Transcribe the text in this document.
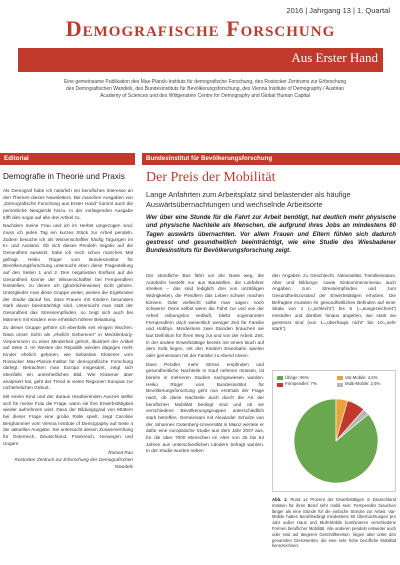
2016 | Jahrgang 13 | 1. Quartal
Demografische Forschung
Aus Erster Hand
Eine gemeinsame Publikation des Max-Planck-Instituts für demografische Forschung, des Rostocker Zentrums zur Erforschung des Demografischen Wandels, des Bundesinstituts für Bevölkerungsforschung, des Vienna Institute of Demography / Austrian Academy of Sciences und des Wittgenstein Centre for Demography and Global Human Capital
Editorial	Bundesinstitut für Bevölkerungsforschung
Demografie in Theorie und Praxis

Als Demograf habe ich natürlich ein berufliches Interesse an den Themen dieses Newsletters. Bei manchen Ausgaben von „Demografische Forschung aus Erster Hand“ kommt auch die persönliche Neugierde hinzu. In der vorliegenden Ausgabe trifft dies sogar auf alle drei Artikel zu.

Nachdem meine Frau und ich im Herbst umgezogen sind, muss ich jeden Tag ein kurzes Stück zur Arbeit pendeln. Zudem besuche ich als Wissenschaftler häufig Tagungen im In- und Ausland. Ob sich dieses Pendeln negativ auf die Gesundheit auswirkt, habe ich mich schon manches Mal gefragt. Heiko Rüger vom Bundesinstitut für Bevölkerungsforschung untersucht eben diese Fragestellung auf den Seiten 1 und 2. Den negativsten Einfluss auf die Gesundheit konnte der Wissenschaftler bei Fernpendlern feststellen, zu denen ich (glücklicherweise) nicht gehöre. Unterglieder man diese Gruppe weiter, weisen die Ergebnisse der Studie darauf hin, dass Frauen mit Kindern besonders stark davon beeinträchtigt sind. Untersucht man statt der Gesundheit das Stressempfinden, so zeigt sich auch bei Männern mit Kindern eine erheblich höhere Belastung.

Zu dieser Gruppe gehöre ich ebenfalls seit einigen Wochen. Dass unser Sohn als „ehelich Geborener“ in Mecklenburg-Vorpommern zu einer Minderheit gehört, illustriert der Artikel auf Seite 3. Im Westen der Republik werden dagegen mehr Kinder ehelich geboren, wie Sebastian Klüsener vom Rostocker Max-Planck-Institut für demografische Forschung darlegt. Betrachten man Europa insgesamt, zeigt sich ebenfalls ein uneinheitliches Bild. Wie Klüsener aber analysiert hat, geht der Trend in vielen Regionen Europas zur nichtehelichen Geburt.

Mit einem Kind und der daraus resultierenden Auszeit stellte sich für meine Frau die Frage, wann sie ihre Erwerbstätigkeit wieder aufnehmen wird. Dass der Bildungsgrad von Müttern bei dieser Frage eine große Rolle spielt, zeigt Caroline Berghammer vom Vienna Institute of Demography auf Seite 4 der aktuellen Ausgabe. Sie untersucht diesen Zusammenhang für Österreich, Deutschland, Frankreich, Norwegen und Ungarn.

Roland Rau
Rostocker Zentrum zur Erforschung des Demografischen Wandels
Der Preis der Mobilität
Lange Anfahrten zum Arbeitsplatz sind belastender als häufige Auswärtsübernachtungen und wechselnde Arbeitsorte
Wer über eine Stunde für die Fahrt zur Arbeit benötigt, hat deutlich mehr physische und physische Nachteile als Menschen, die aufgrund ihres Jobs an mindestens 60 Tagen auswärts übernachten. Vor allem Frauen und Eltern fühlen sich dadurch gestresst und gesundheitlich beeinträchtigt, wie eine Studie des Wiesbadener Bundesinstituts für Bevölkerungsforschung zeigt.

Der stündliche Bus fährt vor der Nase weg, die Autobahn besteht nur aus Baustellen, die Lokführer streiken – das sind lediglich drei von unzähligen Widrigkeiten, die Pendlern das Leben schwer machen können. Oder vielleicht sollte man sagen: noch schwerer. Denn selbst wenn die Fahrt zur und von der Arbeit reibungslos verläuft, bleibt sogenannten Fernpendlern doch wesentlich weniger Zeit für Familie und Hobbys. Mindestens zwei Stunden brauchen sie laut Definition für ihren Weg zur und von der Arbeit. Zeit, in der andere Erwerbstätige bereits mit einem Buch auf dem Sofa liegen, mit den Kindern Eisenbahn spielen oder gemeinsam mit der Familie zu Abend essen.

Dass Pendler mehr Stress empfinden und gesundheitliche Nachteile in Kauf nehmen müssen, ist bereits in mehreren Studien nachgewiesen worden. Heiko Rüger vom Bundesinstitut für Bevölkerungsforschung geht nun erstmals der Frage nach, ob diese Nachteile auch durch die Art der beruflichen Mobilität bedingt sind und ob sie verschiedene Bevölkerungsgruppen unterschiedlich stark betreffen. Gemeinsam mit Alexander Schulze von der Johannes Gutenberg-Universität in Mainz wertete er dafür eine europäische Studie aus dem Jahr 2007 aus, für die über 7000 Menschen im Alter von 25 bis 54 Jahren aus unterschiedlichen Ländern befragt wurden. In der Studie wurden neben

den Angaben zu Geschlecht, Nationalität, Familienstatus, Alter und Bildungs- sowie Einkommensniveau auch Angaben zum Stressempfinden und zum Gesundheitszustand der Erwerbstätigen erhoben. Die Befragten mussten ihr gesundheitliches Befinden auf einer Skala von 1 (=„schlecht“) bis 5 (=„ausgezeichnet“) einstufen und darüber hinaus angeben, wie stark sie gestresst sind (von 1=„überhaupt nicht“ bis 10=„sehr stark“).
Übrige: 86%	Var-Mobile: 4,5%
Fernpendler: 7%	Multi-Mobile: 2,5%
Abb. 1: Rund 14 Prozent der Erwerbstätigen in Deutschland müssen für ihren Beruf sehr mobil sein: Fernpendler brauchen länger als eine Stunde für die einfache Strecke zur Arbeit. Var-Mobile haben berufsbedingt mindestens 60 Übernachtungen pro Jahr außer Haus und Multi-Mobile kombinieren verschiedene Formen beruflicher Mobilität. Alle anderen pendeln entweder auch oder sind auf längeren Geschäftsreisen, liegen aber unter den genannten Grenzwerten, die eine sehr hohe berufliche Mobilität kennzeichnen.
